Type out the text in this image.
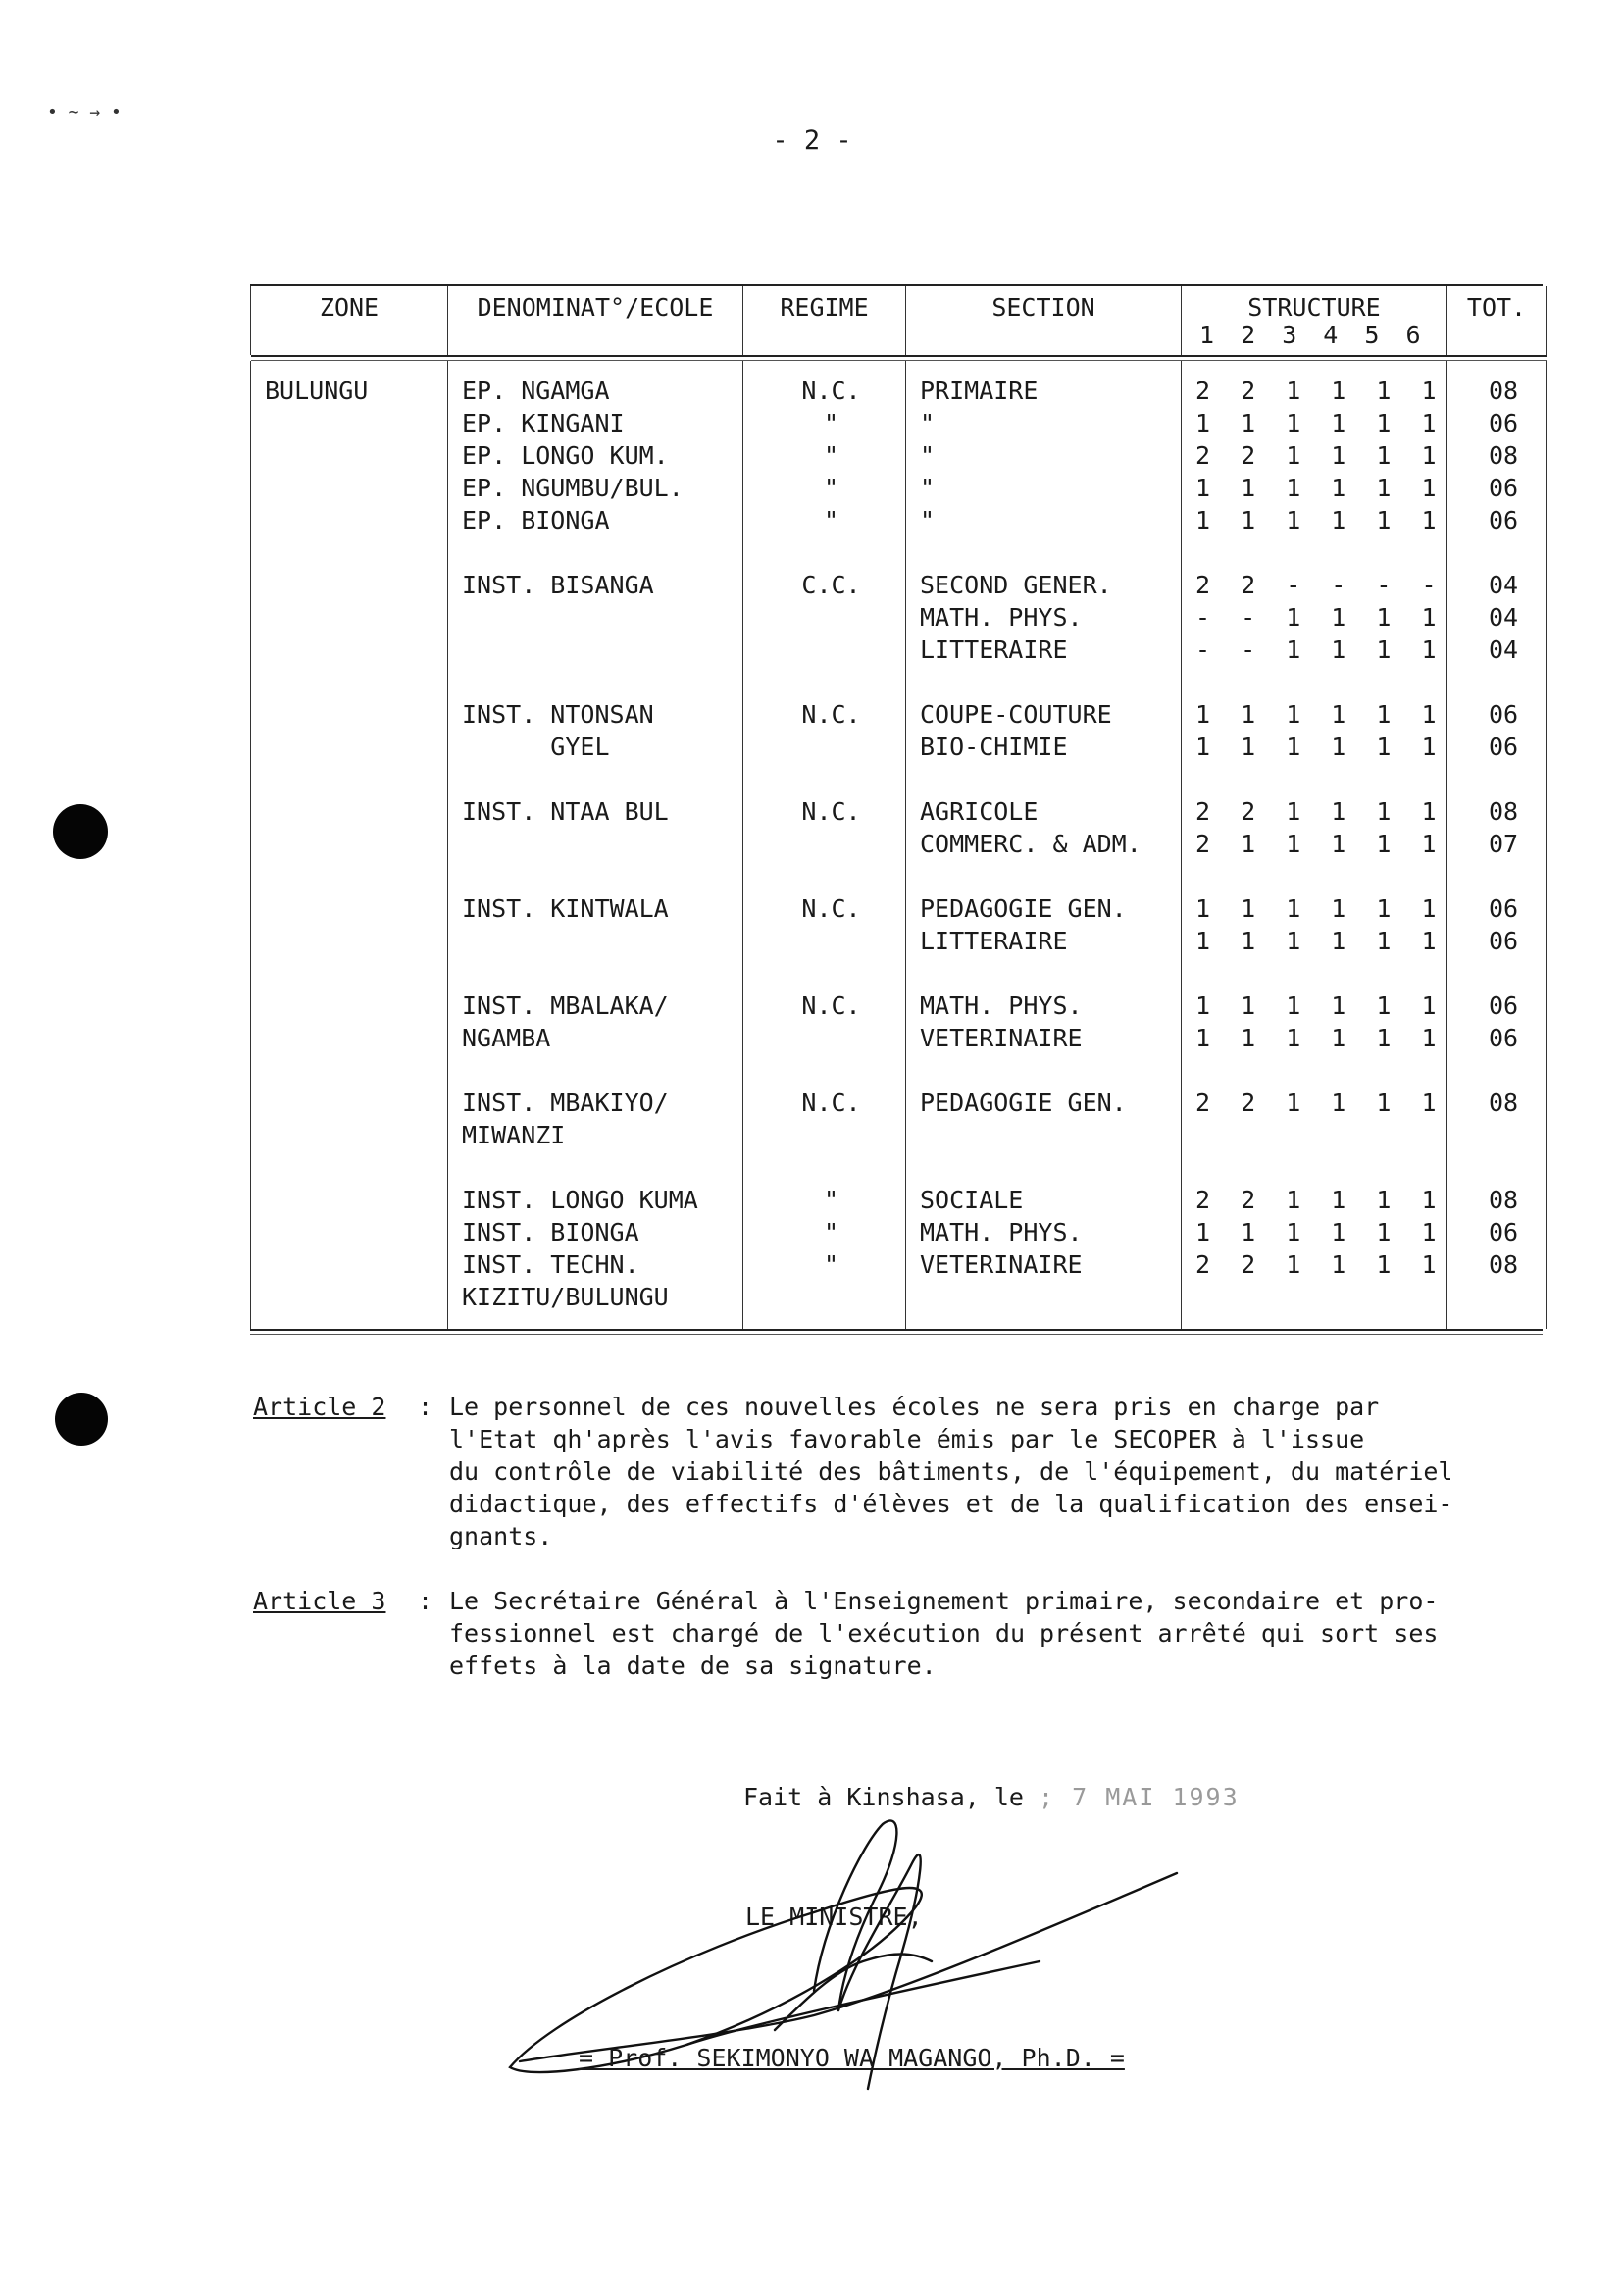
• ∼ → •
- 2 -
ZONE	DENOMINAT°/ECOLE	REGIME	SECTION	STRUCTURE
1 2 3 4 5 6	TOT.

BULUNGU	EP. NGAMGA	N.C.	PRIMAIRE	2 2 1 1 1 1	08
	EP. KINGANI	"	"	1 1 1 1 1 1	06
	EP. LONGO KUM.	"	"	2 2 1 1 1 1	08
	EP. NGUMBU/BUL.	"	"	1 1 1 1 1 1	06
	EP. BIONGA	"	"	1 1 1 1 1 1	06

	INST. BISANGA	C.C.	SECOND GENER.	2 2 - - - -	04
			MATH. PHYS.	- - 1 1 1 1	04
			LITTERAIRE	- - 1 1 1 1	04

	INST. NTONSAN	N.C.	COUPE-COUTURE	1 1 1 1 1 1	06
	GYEL		BIO-CHIMIE	1 1 1 1 1 1	06

	INST. NTAA BUL	N.C.	AGRICOLE	2 2 1 1 1 1	08
			COMMERC. & ADM.	2 1 1 1 1 1	07

	INST. KINTWALA	N.C.	PEDAGOGIE GEN.	1 1 1 1 1 1	06
			LITTERAIRE	1 1 1 1 1 1	06

	INST. MBALAKA/	N.C.	MATH. PHYS.	1 1 1 1 1 1	06
	NGAMBA		VETERINAIRE	1 1 1 1 1 1	06

	INST. MBAKIYO/	N.C.	PEDAGOGIE GEN.	2 2 1 1 1 1	08
	MIWANZI				

	INST. LONGO KUMA	"	SOCIALE	2 2 1 1 1 1	08
	INST. BIONGA	"	MATH. PHYS.	1 1 1 1 1 1	06
	INST. TECHN.	"	VETERINAIRE	2 2 1 1 1 1	08
	KIZITU/BULUNGU				
Article 2 : Le personnel de ces nouvelles écoles ne sera pris en charge par
l'Etat qh'après l'avis favorable émis par le SECOPER à l'issue
du contrôle de viabilité des bâtiments, de l'équipement, du matériel
didactique, des effectifs d'élèves et de la qualification des ensei-
gnants.
Article 3 : Le Secrétaire Général à l'Enseignement primaire, secondaire et pro-
fessionnel est chargé de l'exécution du présent arrêté qui sort ses
effets à la date de sa signature.
Fait à Kinshasa, le ; 7 MAI 1993
LE MINISTRE,
= Prof. SEKIMONYO WA MAGANGO, Ph.D. =
